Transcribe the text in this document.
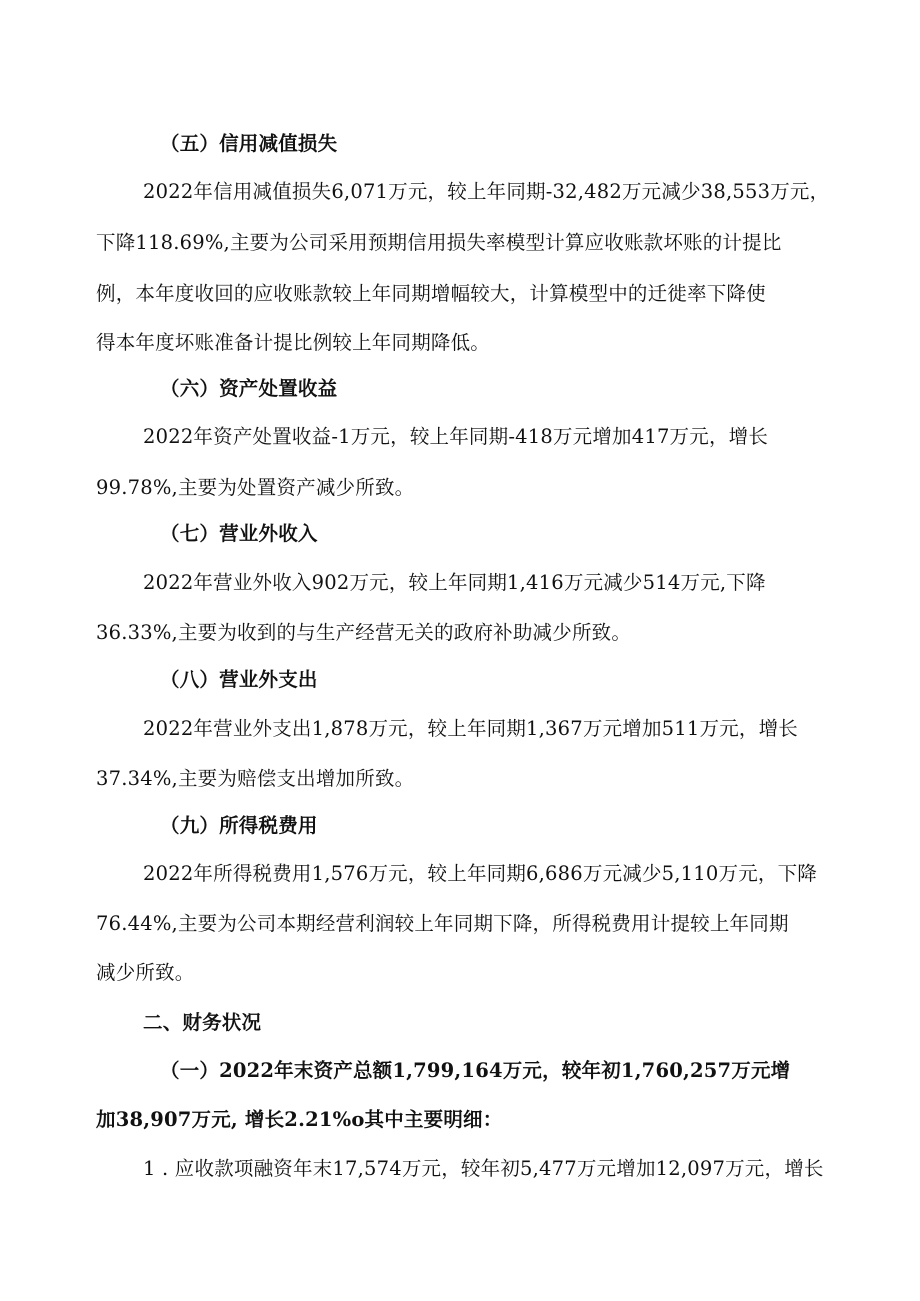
（五）信用减值损失
2022年信用减值损失6,071万元，较上年同期-32,482万元减少38,553万元，
下降118.69%,主要为公司采用预期信用损失率模型计算应收账款坏账的计提比
例，本年度收回的应收账款较上年同期增幅较大，计算模型中的迁徙率下降使
得本年度坏账准备计提比例较上年同期降低。
（六）资产处置收益
2022年资产处置收益-1万元，较上年同期-418万元增加417万元，增长
99.78%,主要为处置资产减少所致。
（七）营业外收入
2022年营业外收入902万元，较上年同期1,416万元减少514万元,下降
36.33%,主要为收到的与生产经营无关的政府补助减少所致。
（八）营业外支出
2022年营业外支出1,878万元，较上年同期1,367万元增加511万元，增长
37.34%,主要为赔偿支出增加所致。
（九）所得税费用
2022年所得税费用1,576万元，较上年同期6,686万元减少5,110万元，下降
76.44%,主要为公司本期经营利润较上年同期下降，所得税费用计提较上年同期
减少所致。
二、财务状况
（一）2022年末资产总额1,799,164万元，较年初1,760,257万元增
加38,907万元, 增长2.21%o其中主要明细：
1 . 应收款项融资年末17,574万元，较年初5,477万元增加12,097万元，增长
